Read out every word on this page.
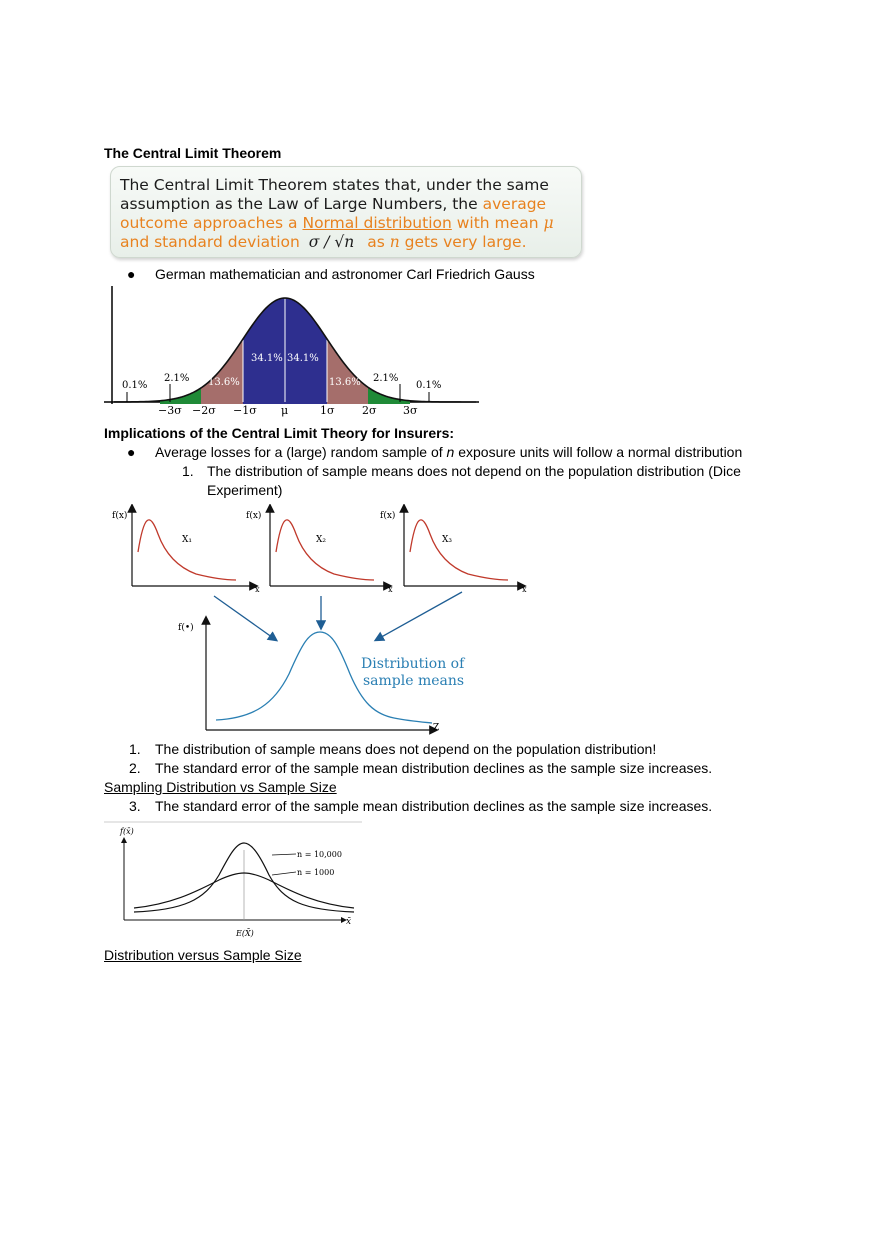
The Central Limit Theorem
The Central Limit Theorem states that, under the same
assumption as the Law of Large Numbers, the average
outcome approaches a Normal distribution with mean μ
and standard deviation σ / √n as n gets very large.
● German mathematician and astronomer Carl Friedrich Gauss
0.1%
2.1% 13.6%
34.1% 34.1%
13.6% 2.1%
0.1%
−3σ −2σ −1σ μ	1σ 2σ 3σ
Implications of the Central Limit Theory for Insurers:
● Average losses for a (large) random sample of n exposure units will follow a normal distribution
1. The distribution of sample means does not depend on the population distribution (Dice
Experiment)
f(x)
x
X₁
f(x)
x
X₂
f(x)
x
X₃
f(•)
Z
Distribution of
sample means
1. The distribution of sample means does not depend on the population distribution!
2. The standard error of the sample mean distribution declines as the sample size increases.
Sampling Distribution vs Sample Size
3. The standard error of the sample mean distribution declines as the sample size increases.
f(x̄)
n = 10,000
n = 1000
x̄
E(X̄)
Distribution versus Sample Size
